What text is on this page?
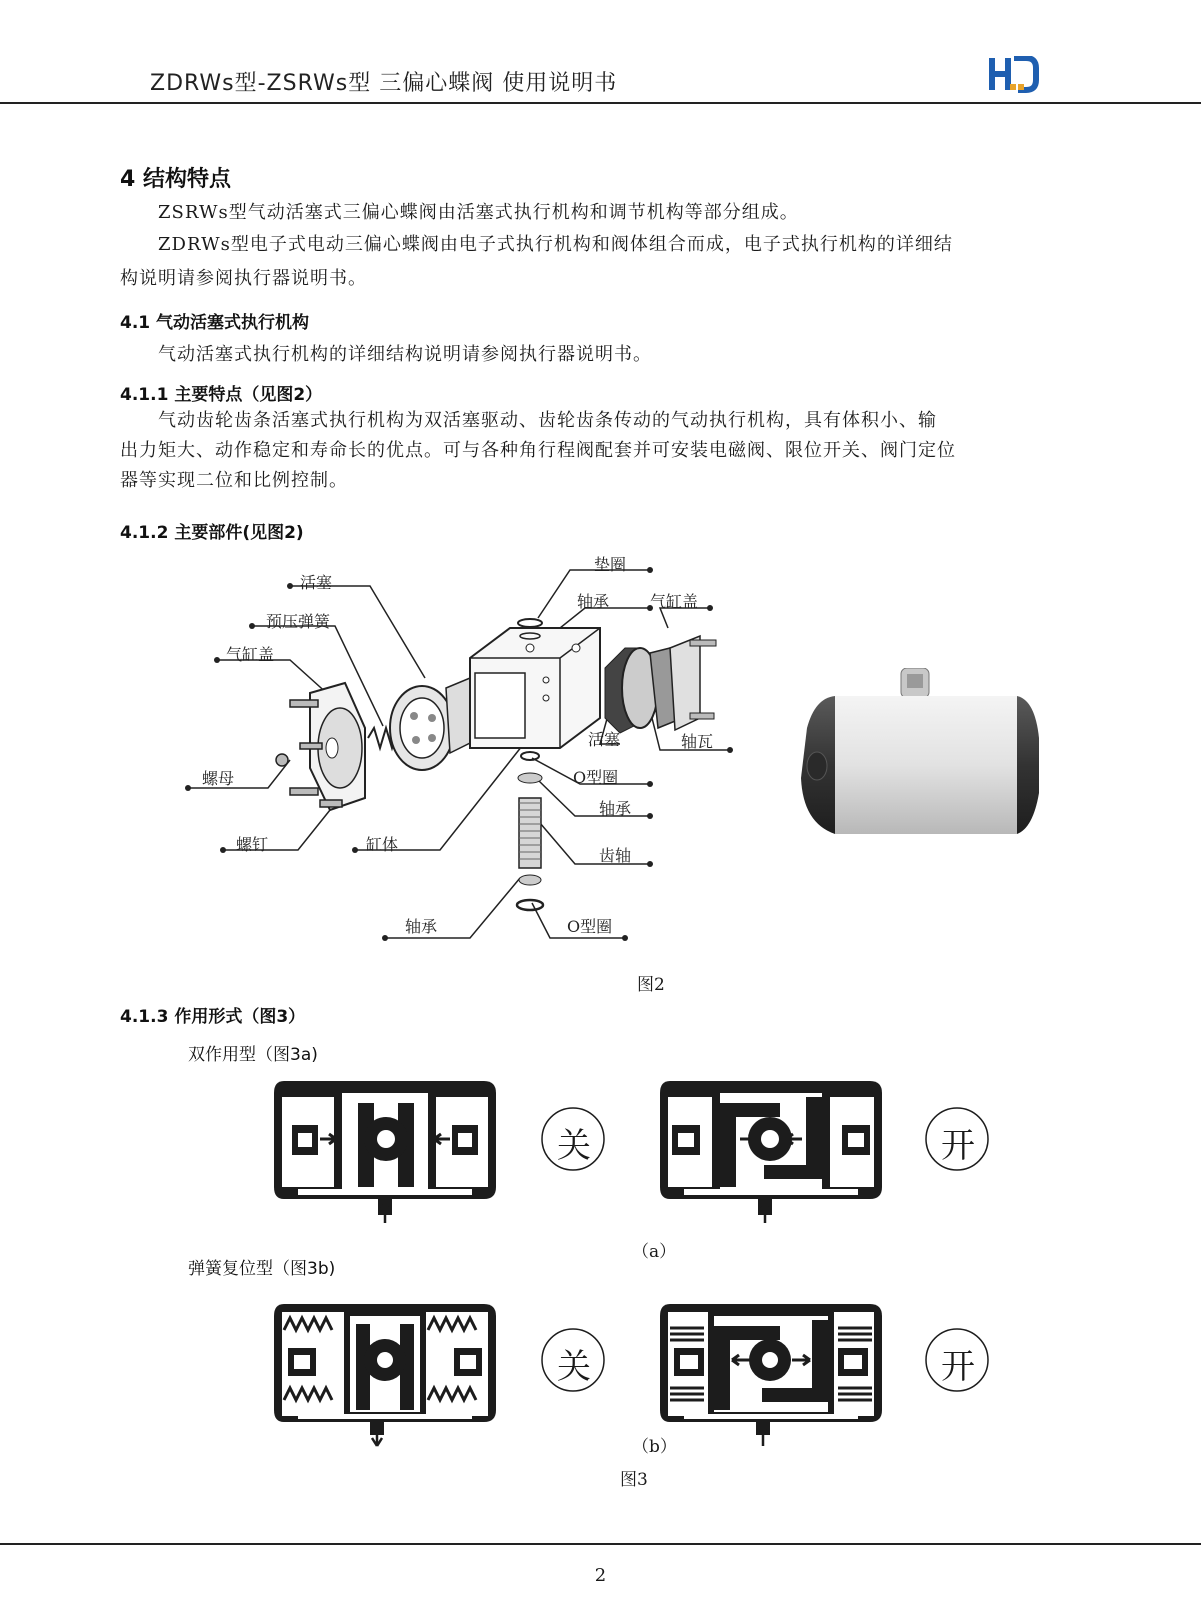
ZDRWs型-ZSRWs型 三偏心蝶阀 使用说明书
4 结构特点
ZSRWs型气动活塞式三偏心蝶阀由活塞式执行机构和调节机构等部分组成。
ZDRWs型电子式电动三偏心蝶阀由电子式执行机构和阀体组合而成，电子式执行机构的详细结
构说明请参阅执行器说明书。
4.1 气动活塞式执行机构
气动活塞式执行机构的详细结构说明请参阅执行器说明书。
4.1.1 主要特点（见图2）
气动齿轮齿条活塞式执行机构为双活塞驱动、齿轮齿条传动的气动执行机构，具有体积小、输
出力矩大、动作稳定和寿命长的优点。可与各种角行程阀配套并可安装电磁阀、限位开关、阀门定位
器等实现二位和比例控制。
4.1.2 主要部件(见图2)
活塞
预压弹簧
气缸盖
螺母
螺钉	缸体
轴承
垫圈
轴承	气缸盖
活塞	轴瓦
O型圈
轴承
齿轴
O型圈
图2
4.1.3 作用形式（图3）
双作用型（图3a)
关	开
（a）
弹簧复位型（图3b)
关	开
（b）
图3
2
